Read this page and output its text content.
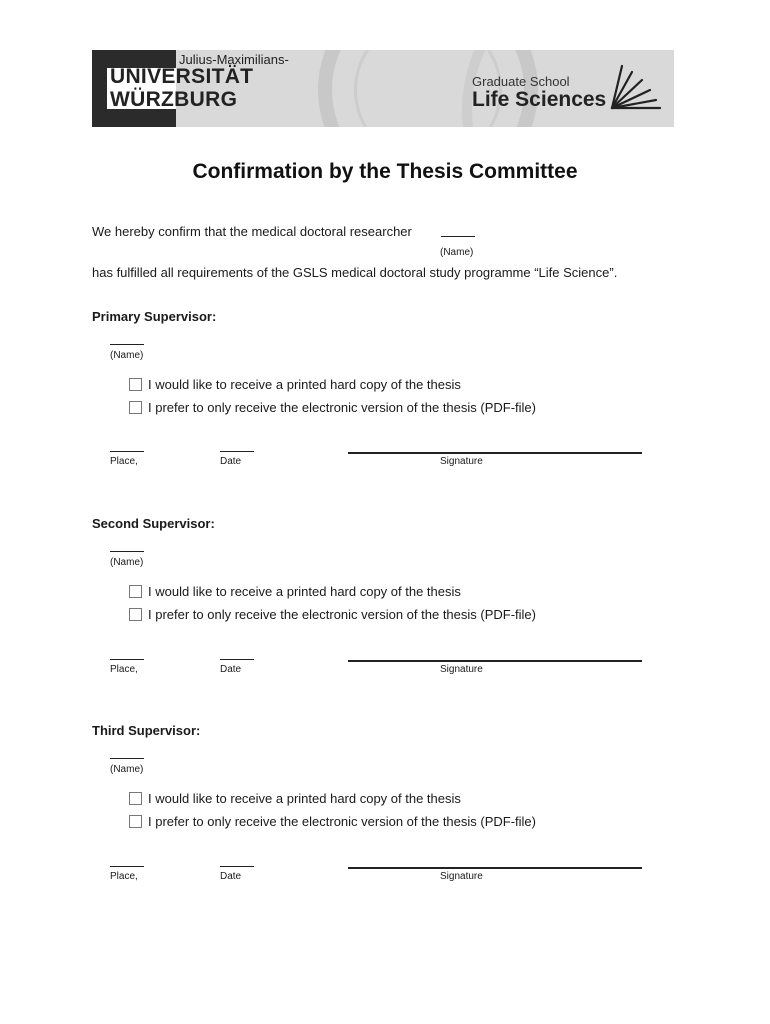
Julius-Maximilians-
UNIVERSITÄT
WÜRZBURG
Graduate School
Life Sciences
Confirmation by the Thesis Committee
We hereby confirm that the medical doctoral researcher
(Name)
has fulfilled all requirements of the GSLS medical doctoral study programme “Life Science”.
Primary Supervisor:
(Name)
I would like to receive a printed hard copy of the thesis
I prefer to only receive the electronic version of the thesis (PDF-file)
Place,	Date	Signature
Second Supervisor:
(Name)
I would like to receive a printed hard copy of the thesis
I prefer to only receive the electronic version of the thesis (PDF-file)
Place,	Date	Signature
Third Supervisor:
(Name)
I would like to receive a printed hard copy of the thesis
I prefer to only receive the electronic version of the thesis (PDF-file)
Place,	Date	Signature
